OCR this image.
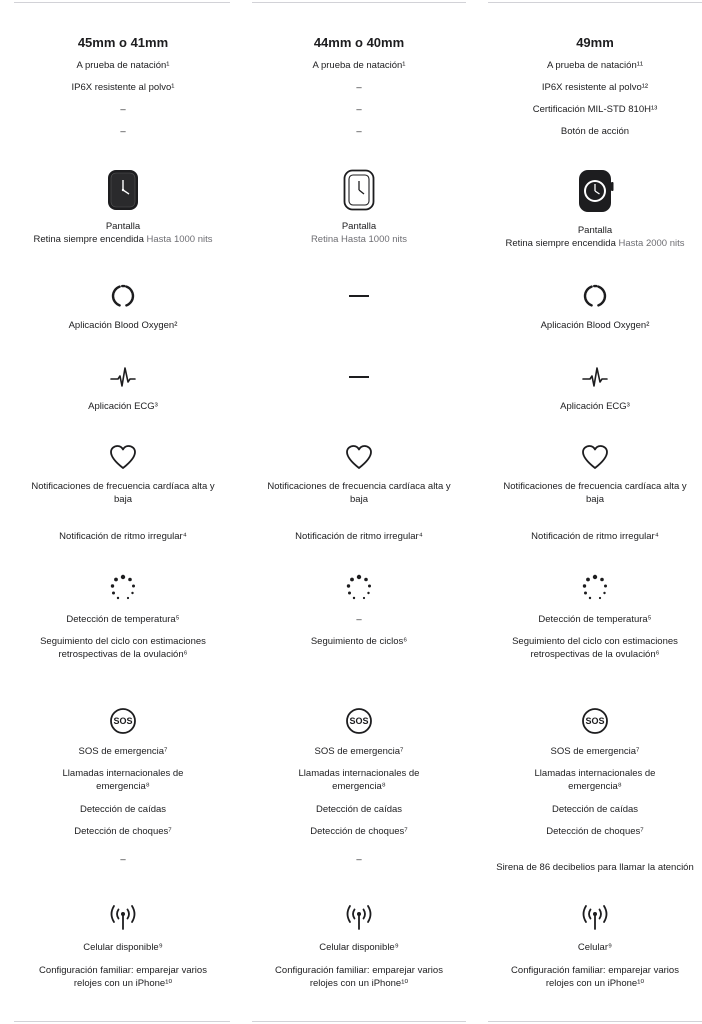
45mm o 41mm
A prueba de natación¹
IP6X resistente al polvo¹
–
–
Pantalla
Retina siempre encendida Hasta 1000 nits
Aplicación Blood Oxygen²
Aplicación ECG³
Notificaciones de frecuencia cardíaca alta y baja
Notificación de ritmo irregular⁴
Detección de temperatura⁵
Seguimiento del ciclo con estimaciones retrospectivas de la ovulación⁶
SOS
SOS de emergencia⁷
Llamadas internacionales de emergencia⁸
Detección de caídas
Detección de choques⁷
–
Celular disponible⁹
Configuración familiar: emparejar varios relojes con un iPhone¹⁰
44mm o 40mm
A prueba de natación¹
–
–
–
Pantalla
Retina Hasta 1000 nits
Notificaciones de frecuencia cardíaca alta y baja
Notificación de ritmo irregular⁴
–
Seguimiento de ciclos⁶
SOS
SOS de emergencia⁷
Llamadas internacionales de emergencia⁸
Detección de caídas
Detección de choques⁷
–
Celular disponible⁹
Configuración familiar: emparejar varios relojes con un iPhone¹⁰
49mm
A prueba de natación¹¹
IP6X resistente al polvo¹²
Certificación MIL-STD 810H¹³
Botón de acción
Pantalla
Retina siempre encendida Hasta 2000 nits
Aplicación Blood Oxygen²
Aplicación ECG³
Notificaciones de frecuencia cardíaca alta y baja
Notificación de ritmo irregular⁴
Detección de temperatura⁵
Seguimiento del ciclo con estimaciones retrospectivas de la ovulación⁶
SOS
SOS de emergencia⁷
Llamadas internacionales de emergencia⁸
Detección de caídas
Detección de choques⁷
Sirena de 86 decibelios para llamar la atención
Celular⁹
Configuración familiar: emparejar varios relojes con un iPhone¹⁰
